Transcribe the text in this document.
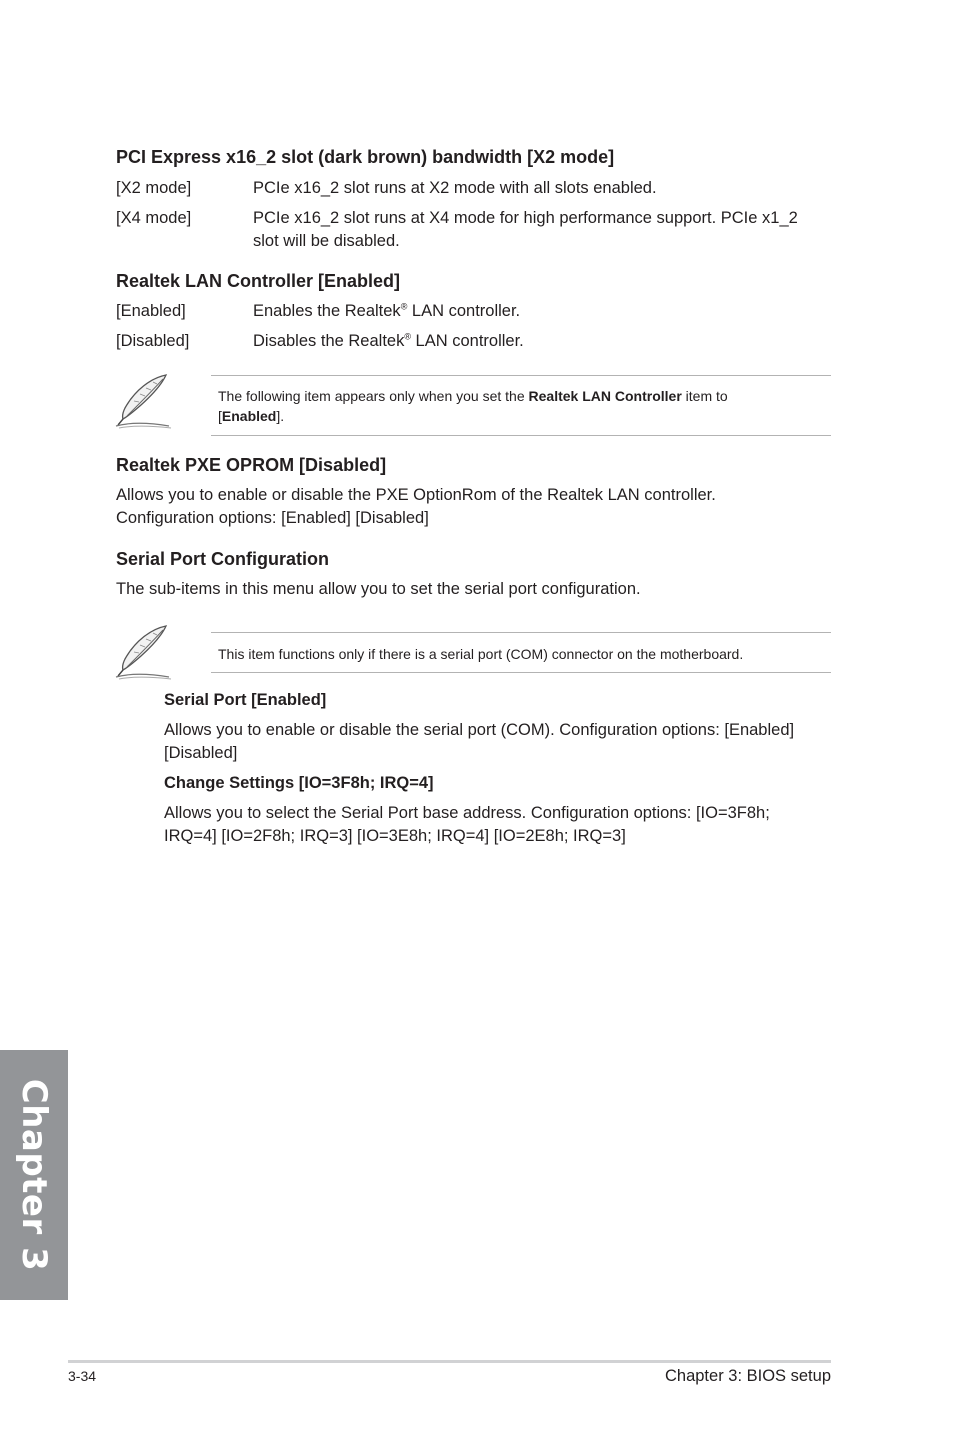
PCI Express x16_2 slot (dark brown) bandwidth [X2 mode]
[X2 mode]	PCIe x16_2 slot runs at X2 mode with all slots enabled.
[X4 mode]	PCIe x16_2 slot runs at X4 mode for high performance support. PCIe x1_2
slot will be disabled.
Realtek LAN Controller [Enabled]
[Enabled]	Enables the Realtek® LAN controller.
[Disabled]	Disables the Realtek® LAN controller.
The following item appears only when you set the Realtek LAN Controller item to
[Enabled].
Realtek PXE OPROM [Disabled]
Allows you to enable or disable the PXE OptionRom of the Realtek LAN controller.
Configuration options: [Enabled] [Disabled]
Serial Port Configuration
The sub-items in this menu allow you to set the serial port configuration.
This item functions only if there is a serial port (COM) connector on the motherboard.
Serial Port [Enabled]
Allows you to enable or disable the serial port (COM). Configuration options: [Enabled]
[Disabled]
Change Settings [IO=3F8h; IRQ=4]
Allows you to select the Serial Port base address. Configuration options: [IO=3F8h;
IRQ=4] [IO=2F8h; IRQ=3] [IO=3E8h; IRQ=4] [IO=2E8h; IRQ=3]
Chapter 3
3-34	Chapter 3: BIOS setup
